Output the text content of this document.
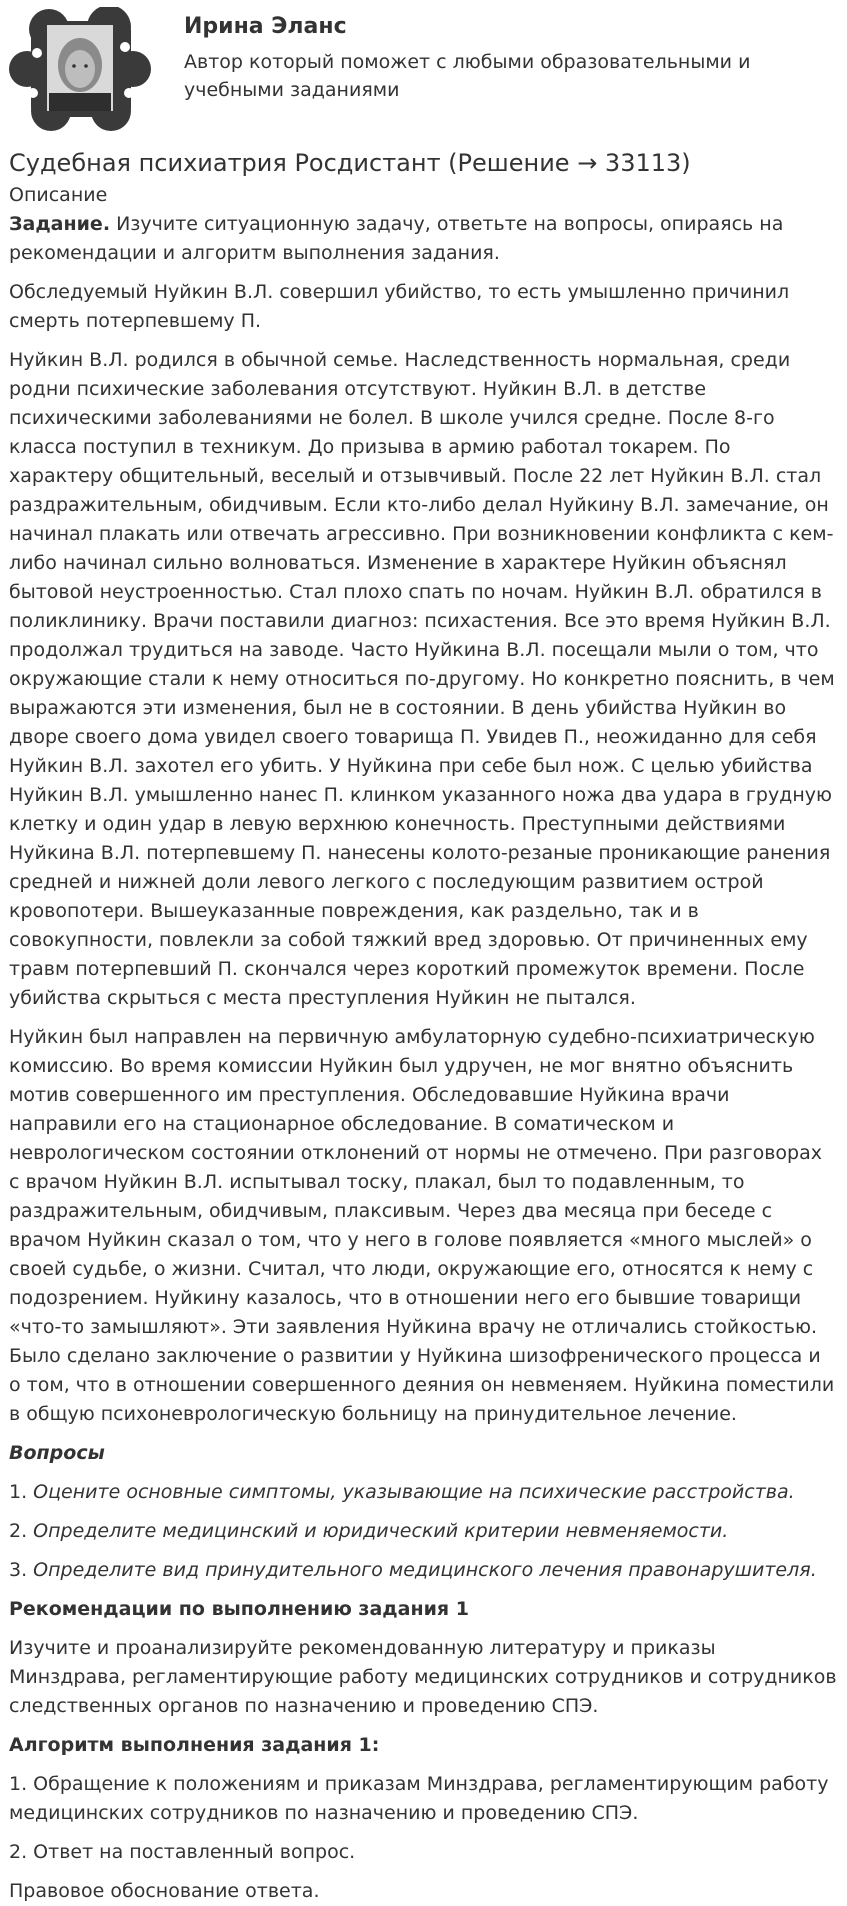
Ирина Эланс
Автор который поможет с любыми образовательными и учебными заданиями
Судебная психиатрия Росдистант (Решение → 33113)
Описание

Задание. Изучите ситуационную задачу, ответьте на вопросы, опираясь на рекомендации и алгоритм выполнения задания.

Обследуемый Нуйкин В.Л. совершил убийство, то есть умышленно причинил смерть потерпевшему П.

Нуйкин В.Л. родился в обычной семье. Наследственность нормальная, среди родни психические заболевания отсутствуют. Нуйкин В.Л. в детстве психическими заболеваниями не болел. В школе учился средне. После 8-го класса поступил в техникум. До призыва в армию работал токарем. По характеру общительный, веселый и отзывчивый. После 22 лет Нуйкин В.Л. стал раздражительным, обидчивым. Если кто-либо делал Нуйкину В.Л. замечание, он начинал плакать или отвечать агрессивно. При возникновении конфликта с кем-либо начинал сильно волноваться. Изменение в характере Нуйкин объяснял бытовой неустроенностью. Стал плохо спать по ночам. Нуйкин В.Л. обратился в поликлинику. Врачи поставили диагноз: психастения. Все это время Нуйкин В.Л. продолжал трудиться на заводе. Часто Нуйкина В.Л. посещали мыли о том, что окружающие стали к нему относиться по-другому. Но конкретно пояснить, в чем выражаются эти изменения, был не в состоянии. В день убийства Нуйкин во дворе своего дома увидел своего товарища П. Увидев П., неожиданно для себя Нуйкин В.Л. захотел его убить. У Нуйкина при себе был нож. С целью убийства Нуйкин В.Л. умышленно нанес П. клинком указанного ножа два удара в грудную клетку и один удар в левую верхнюю конечность. Преступными действиями Нуйкина В.Л. потерпевшему П. нанесены колото-резаные проникающие ранения средней и нижней доли левого легкого с последующим развитием острой кровопотери. Вышеуказанные повреждения, как раздельно, так и в совокупности, повлекли за собой тяжкий вред здоровью. От причиненных ему травм потерпевший П. скончался через короткий промежуток времени. После убийства скрыться с места преступления Нуйкин не пытался.

Нуйкин был направлен на первичную амбулаторную судебно-психиатрическую комиссию. Во время комиссии Нуйкин был удручен, не мог внятно объяснить мотив совершенного им преступления. Обследовавшие Нуйкина врачи направили его на стационарное обследование. В соматическом и неврологическом состоянии отклонений от нормы не отмечено. При разговорах с врачом Нуйкин В.Л. испытывал тоску, плакал, был то подавленным, то раздражительным, обидчивым, плаксивым. Через два месяца при беседе с врачом Нуйкин сказал о том, что у него в голове появляется «много мыслей» о своей судьбе, о жизни. Считал, что люди, окружающие его, относятся к нему с подозрением. Нуйкину казалось, что в отношении него его бывшие товарищи «что-то замышляют». Эти заявления Нуйкина врачу не отличались стойкостью. Было сделано заключение о развитии у Нуйкина шизофренического процесса и о том, что в отношении совершенного деяния он невменяем. Нуйкина поместили в общую психоневрологическую больницу на принудительное лечение.

Вопросы

1. Оцените основные симптомы, указывающие на психические расстройства.

2. Определите медицинский и юридический критерии невменяемости.

3. Определите вид принудительного медицинского лечения правонарушителя.

Рекомендации по выполнению задания 1

Изучите и проанализируйте рекомендованную литературу и приказы Минздрава, регламентирующие работу медицинских сотрудников и сотрудников следственных органов по назначению и проведению СПЭ.

Алгоритм выполнения задания 1:

1. Обращение к положениям и приказам Минздрава, регламентирующим работу медицинских сотрудников по назначению и проведению СПЭ.

2. Ответ на поставленный вопрос.

Правовое обоснование ответа.
